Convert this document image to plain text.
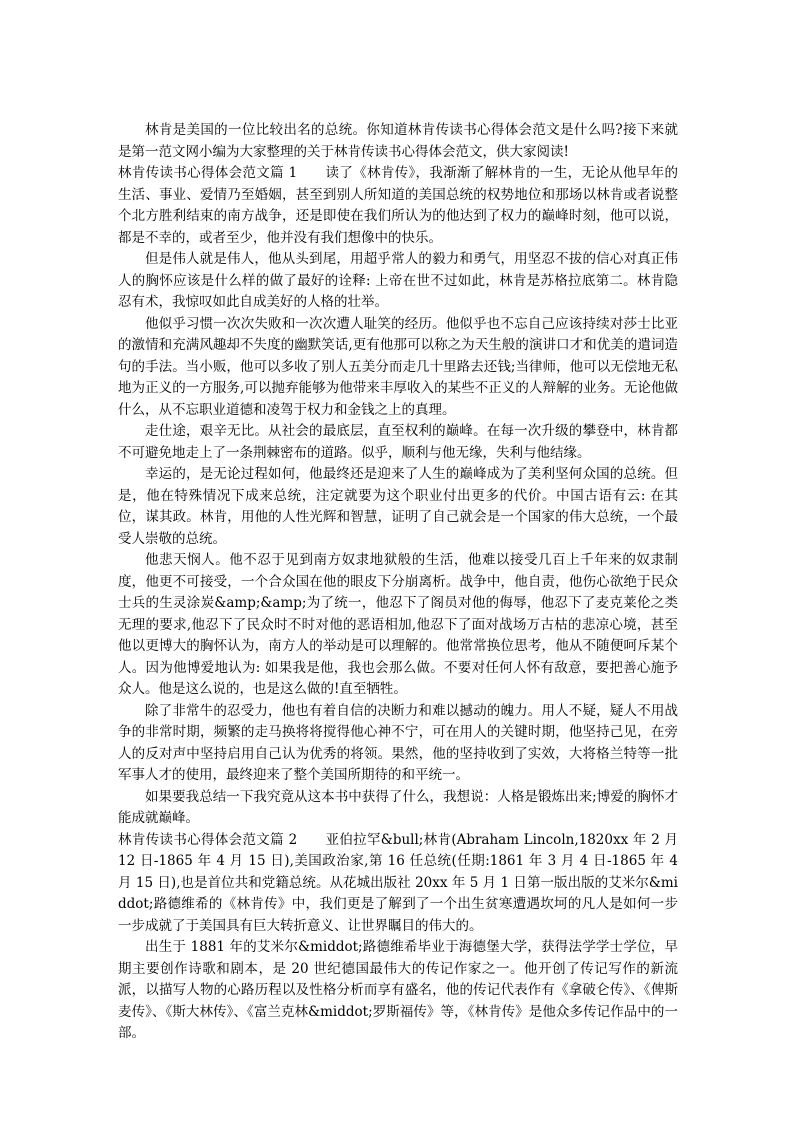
林肯是美国的一位比较出名的总统。你知道林肯传读书心得体会范文是什么吗?接下来就是第一范文网小编为大家整理的关于林肯传读书心得体会范文，供大家阅读!

林肯传读书心得体会范文篇 1 读了《林肯传》，我渐渐了解林肯的一生，无论从他早年的生活、事业、爱情乃至婚姻，甚至到别人所知道的美国总统的权势地位和那场以林肯或者说整个北方胜利结束的南方战争，还是即使在我们所认为的他达到了权力的巅峰时刻，他可以说，都是不幸的，或者至少，他并没有我们想像中的快乐。

但是伟人就是伟人，他从头到尾，用超乎常人的毅力和勇气，用坚忍不拔的信心对真正伟人的胸怀应该是什么样的做了最好的诠释: 上帝在世不过如此，林肯是苏格拉底第二。林肯隐忍有术，我惊叹如此自成美好的人格的壮举。

他似乎习惯一次次失败和一次次遭人耻笑的经历。他似乎也不忘自己应该持续对莎士比亚的激情和充满风趣却不失度的幽默笑话,更有他那可以称之为天生般的演讲口才和优美的遣词造句的手法。当小贩，他可以多收了别人五美分而走几十里路去还钱;当律师，他可以无偿地无私地为正义的一方服务,可以抛弃能够为他带来丰厚收入的某些不正义的人辩解的业务。无论他做什么，从不忘职业道德和凌驾于权力和金钱之上的真理。

走仕途，艰辛无比。从社会的最底层，直至权利的巅峰。在每一次升级的攀登中，林肯都不可避免地走上了一条荆棘密布的道路。似乎，顺利与他无缘，失利与他结缘。

幸运的，是无论过程如何，他最终还是迎来了人生的巅峰成为了美利坚何众国的总统。但是，他在特殊情况下成来总统，注定就要为这个职业付出更多的代价。中国古语有云: 在其位，谋其政。林肯，用他的人性光辉和智慧，证明了自己就会是一个国家的伟大总统，一个最受人崇敬的总统。

他悲天悯人。他不忍于见到南方奴隶地狱般的生活，他难以接受几百上千年来的奴隶制度，他更不可接受，一个合众国在他的眼皮下分崩离析。战争中，他自责，他伤心欲绝于民众士兵的生灵涂炭&amp;&amp;为了统一，他忍下了阁员对他的侮辱，他忍下了麦克莱伦之类无理的要求,他忍下了民众时不时对他的恶语相加,他忍下了面对战场万古枯的悲凉心境，甚至他以更博大的胸怀认为，南方人的举动是可以理解的。他常常换位思考，他从不随便呵斥某个人。因为他博爱地认为: 如果我是他，我也会那么做。不要对任何人怀有敌意，要把善心施予众人。他是这么说的，也是这么做的!直至牺牲。

除了非常牛的忍受力，他也有着自信的决断力和难以撼动的魄力。用人不疑，疑人不用战争的非常时期，频繁的走马换将将搅得他心神不宁，可在用人的关键时期，他坚持己见，在旁人的反对声中坚持启用自己认为优秀的将领。果然，他的坚持收到了实效，大将格兰特等一批军事人才的使用，最终迎来了整个美国所期待的和平统一。

如果要我总结一下我究竟从这本书中获得了什么，我想说：人格是锻炼出来;博爱的胸怀才能成就巅峰。

林肯传读书心得体会范文篇 2 亚伯拉罕&bull;林肯(Abraham Lincoln,1820xx 年 2 月 12 日-1865 年 4 月 15 日),美国政治家,第 16 任总统(任期:1861 年 3 月 4 日-1865 年 4 月 15 日),也是首位共和党籍总统。从花城出版社 20xx 年 5 月 1 日第一版出版的艾米尔&middot;路德维希的《林肯传》中，我们更是了解到了一个出生贫寒遭遇坎坷的凡人是如何一步一步成就了于美国具有巨大转折意义、让世界瞩目的伟大的。

出生于 1881 年的艾米尔&middot;路德维希毕业于海德堡大学，获得法学学士学位，早期主要创作诗歌和剧本，是 20 世纪德国最伟大的传记作家之一。他开创了传记写作的新流派，以描写人物的心路历程以及性格分析而享有盛名，他的传记代表作有《拿破仑传》、《俾斯麦传》、《斯大林传》、《富兰克林&middot;罗斯福传》等，《林肯传》是他众多传记作品中的一部。
